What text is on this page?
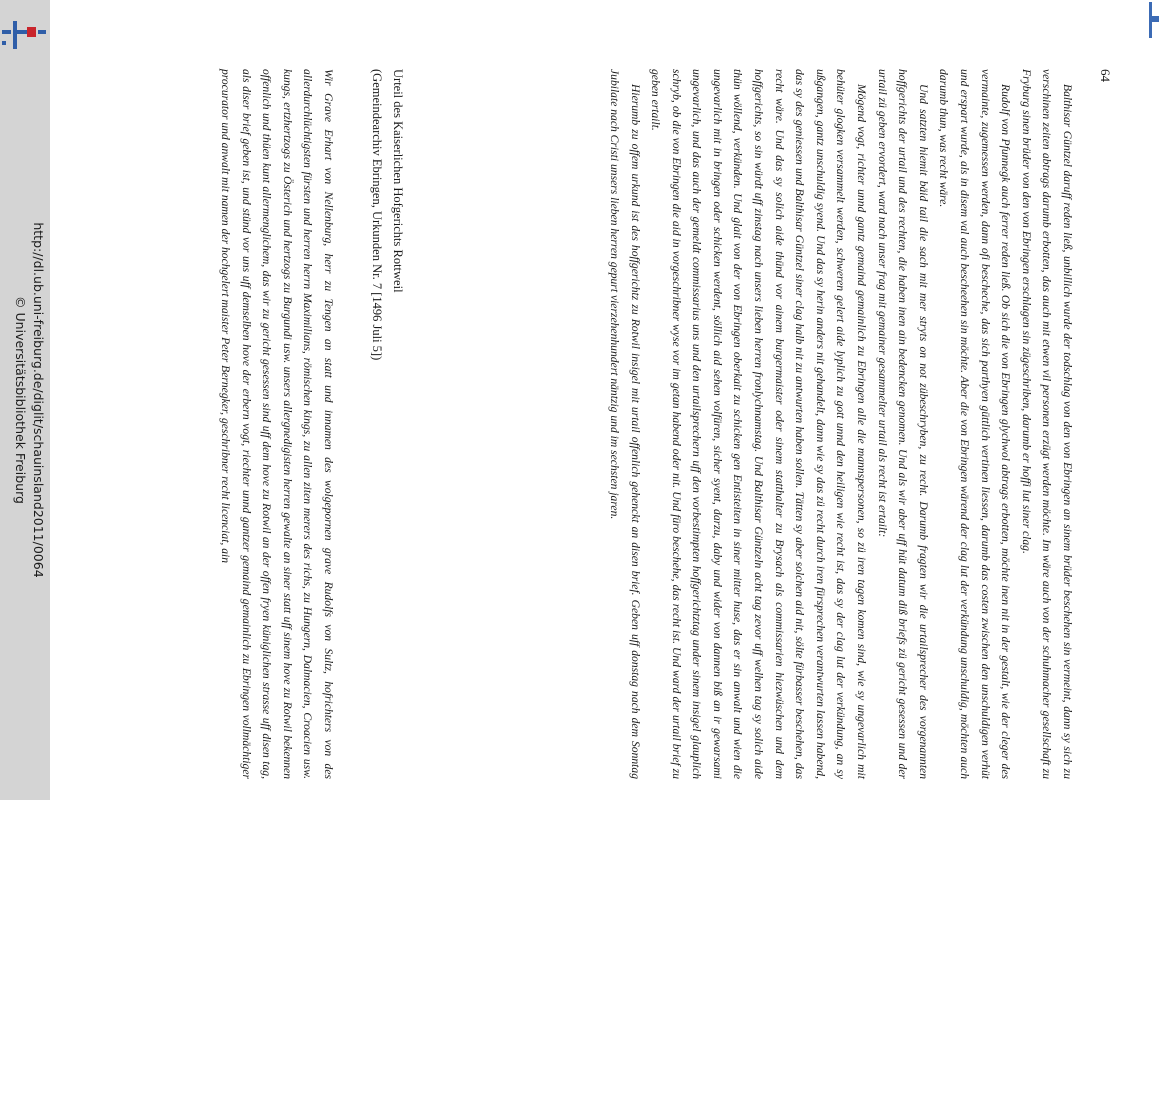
http://dl.ub.uni-freiburg.de/diglit/schauinsland2011/0064
© Universitätsbibliothek Freiburg
64

Balthisar Güntzel daruff reden ließ, unbillich wurde der todschlag von den von Ebringen an sinem brüder beschehen sin vermeint, dann sy sich zu verschinen zeiten abtrags darumb erbotten, das auch mit etwen vil personen erzügt werden möchte. Im wäre auch von der schuhmacher gesellschaft zu Fryburg sinen brüder von den von Ebringen erschlagen sin zügeschriben, darumb er hoffi lut siner clag.

Rudolf von Pfunnegk auch ferrer reden ließ. Ob sich die von Ebringen glychwol abtrags erbotten, möchte inen nit in der gestalt, wie der cleger des vermainte, zugemessen werden, dann ofi bescheche, das sich parthyen güttlich vertinen liessen, darumb das costen zwischen den unschuldigen verhüt und erspart wurde, als in disem val auch bescheehen sin möchte. Aber die von Ebringen wärend der clag lut der verkündung unschuldig, möchten auch darumb thun, was recht wäre.

Und satzten hiemit bäid tail die sach mit mer stryts on not zübeschryben, zu recht. Darumb fragten wir die urtailsprecher des vorgenannten hoffgerichts der urtail und des rechten, die haben inen ain bedencken genomen. Und als wir aber uff hüt datum diß briefs zü gericht gesessen und der urtail zü geben ervordert, ward nach unser frag mit gemainer gesammelter urtail als recht ist ertailt:

Mögend vogt, richter unnd gantz gemaind gemainlich zu Ebringen alle die mannspersonen, so zü iren tagen komen sind, wie sy ungevarlich mit behüter glogken versammelt werden, schweren gelert aide lyplich zu gott unnd den heiligen wie recht ist, das sy der clag lut der verkündung, an sy ußgangen, gantz unschuldig syend. Und das sy herin anders nit gehandelt, dann wie sy das zü recht durch iren fürsprechen verantwurten lassen habend, das sy des geniessen und Balthisar Güntzel siner clag halb nit zu antwurten haben sollen. Tätten sy aber solchen aid nit, sölte fürbasser beschehen, das recht wäre. Und das sy solich aide thünd vor ainem burgermaister oder sinem statthalter zu Brysach als commissarien hiezwüschen und dem hoffgerichts, so sin würdt uff zinstag nach unsers lieben herren fronlychnamstag. Und Balthisar Güntzeln acht tag zevor uff welhen tag sy solich aide thün wöllend, verkünden. Und glait von der von Ebringen oberkait zu schicken gen Entisteiten in siner mitter huse, das er sin anwalt und wien die ungevarlich mit in bringen oder schicken werdent, söllich aid sehen volfüren, sicher syent, darzu, daby und wider von dannen biß an ir gewarsami ungevarlich, und das auch der gemeldt commissarius uns und den urtailsprechern uff den vorbestimpten hoffgerichtztag under sinem insigel glauplich schryb, ob die von Ebringen die aid in vorgeschribner wyse vor im getan habend oder nit. Und füro beschehe, das recht ist. Und ward der urtail brief zu geben ertailt.

Hierumb zu offem urkund ist des hoffgerichtz zu Rotwil insigel mit urtail offenlich gehenckt an disen brief. Geben uff donstag nach dem Sonntag Jubilate nach Cristi unsers lieben herren gepurt vierzehenhundert näntzig und im sechsten jaren.

Urteil des Kaiserlichen Hofgerichts Rottweil

(Gemeindearchiv Ebringen, Urkunden Nr. 7 [1496 Juli 5])

Wir Grave Erhart von Nellenburg, herr zu Tengen an statt und innamen des wolgepornen grave Rudolfs von Sultz, hofrichters von des allerdurchlüchtigsten fürsten und herren herrn Maximilians, römischen kings, zu allen ziten merers des richs, zu Hungern, Dalmacien, Croacien usw. kungs, ertzhertzogs zu Österich und hertzogs zu Burgundi usw. unsers allergnedigisten herren gewalte an siner statt uff sinem hove zu Rotwil bekennen offenlich und thüen kunt allermenglichem, das wir zu gericht gesessen sind uff dem hove zu Rotwil an der offen fryen küniglichen strasse uff disen tag, als diser brief geben ist, und stünd vor uns uff demselben hove der erbern vogt, riechter unnd gantzer gemaind gemainlich zu Ebringen vollmächtiger procurator und anwalt mit namen der hochgelert maister Peter Bernegker, geschribner recht licenciat, ain
